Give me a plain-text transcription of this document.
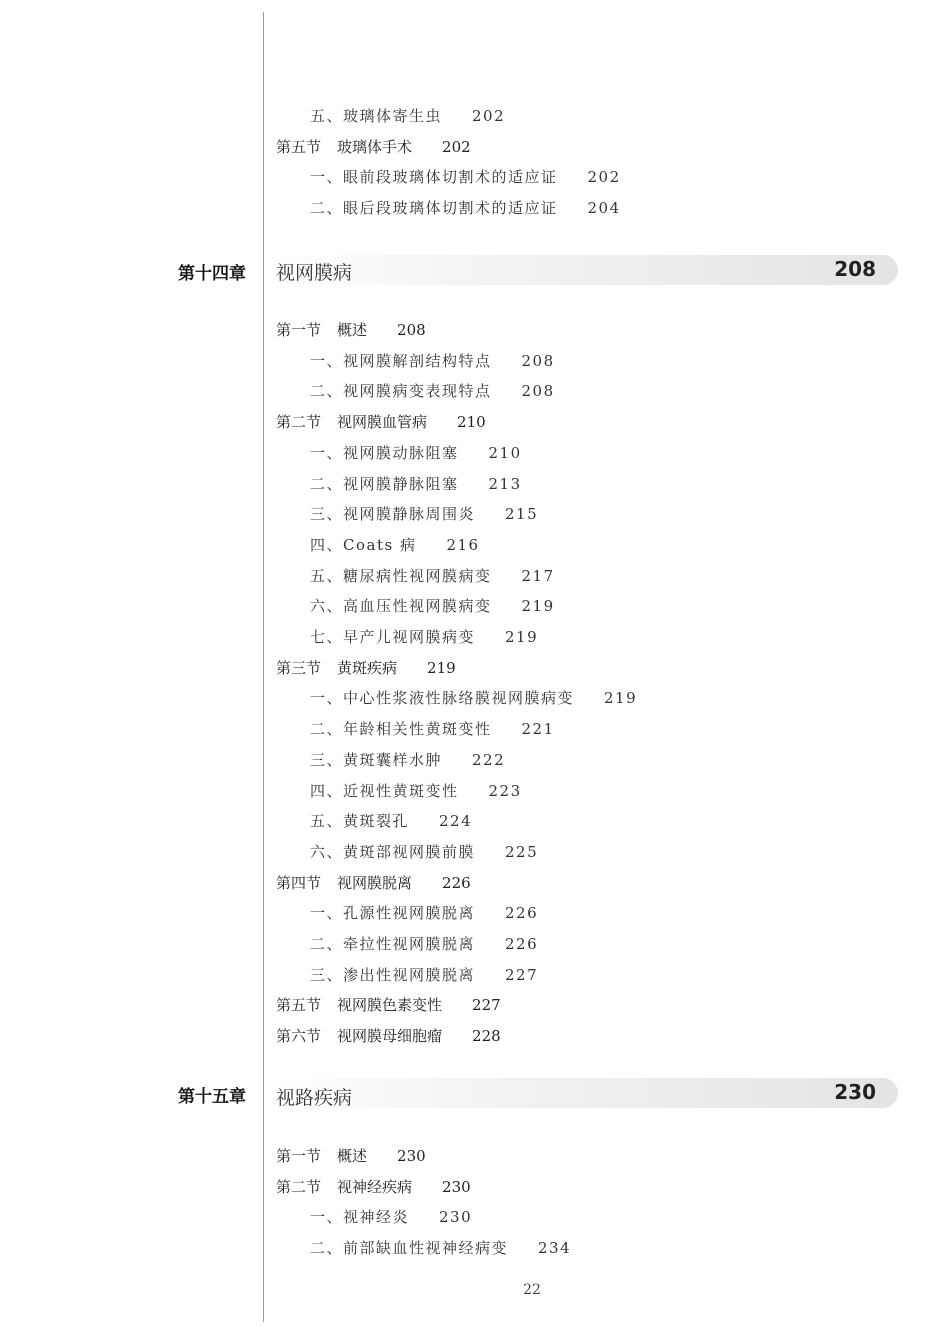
五、玻璃体寄生虫 202
第五节 玻璃体手术 202
一、眼前段玻璃体切割术的适应证 202
二、眼后段玻璃体切割术的适应证 204
第十四章 视网膜病	208
第一节 概述 208
一、视网膜解剖结构特点 208
二、视网膜病变表现特点 208
第二节 视网膜血管病 210
一、视网膜动脉阻塞 210
二、视网膜静脉阻塞 213
三、视网膜静脉周围炎 215
四、Coats 病 216
五、糖尿病性视网膜病变 217
六、高血压性视网膜病变 219
七、早产儿视网膜病变 219
第三节 黄斑疾病 219
一、中心性浆液性脉络膜视网膜病变 219
二、年龄相关性黄斑变性 221
三、黄斑囊样水肿 222
四、近视性黄斑变性 223
五、黄斑裂孔 224
六、黄斑部视网膜前膜 225
第四节 视网膜脱离 226
一、孔源性视网膜脱离 226
二、牵拉性视网膜脱离 226
三、渗出性视网膜脱离 227
第五节 视网膜色素变性 227
第六节 视网膜母细胞瘤 228
第十五章 视路疾病	230
第一节 概述 230
第二节 视神经疾病 230
一、视神经炎 230
二、前部缺血性视神经病变 234
22
